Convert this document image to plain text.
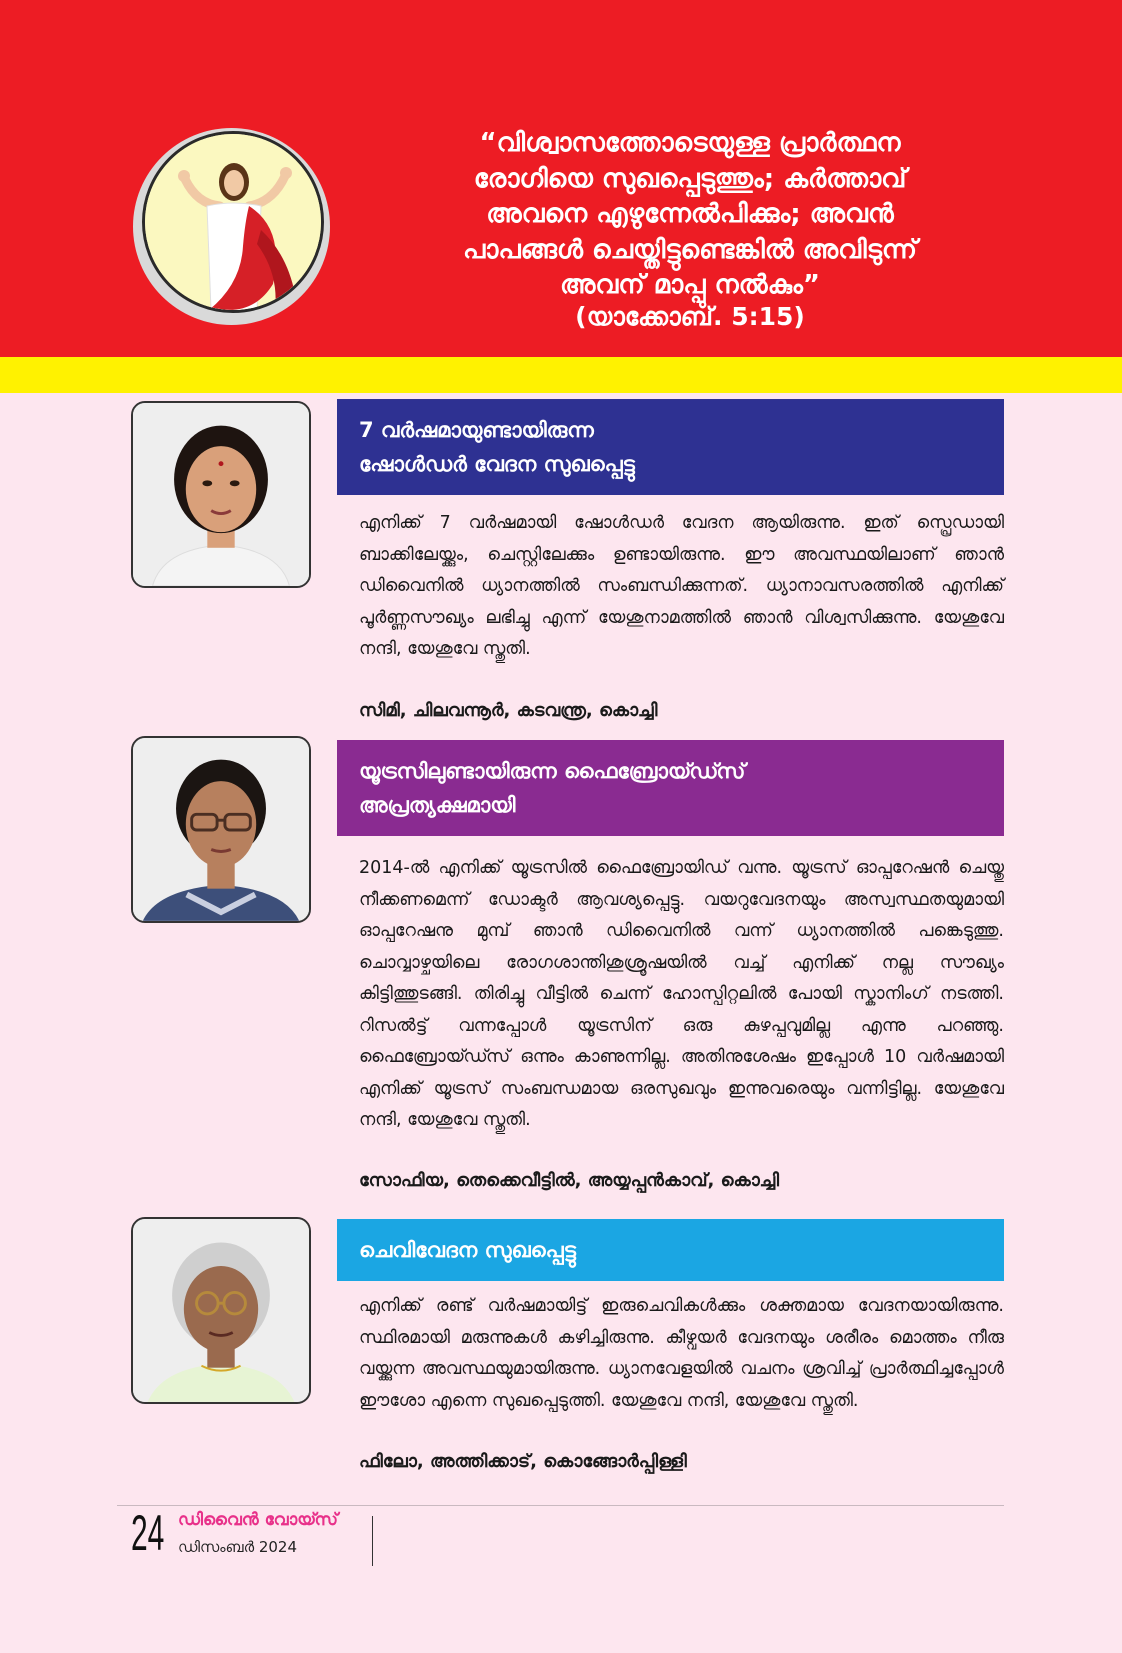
“വിശ്വാസത്തോടെയുള്ള പ്രാർത്ഥന
രോഗിയെ സുഖപ്പെടുത്തും; കർത്താവ്
അവനെ എഴുന്നേൽപിക്കും; അവൻ
പാപങ്ങൾ ചെയ്തിട്ടുണ്ടെങ്കിൽ അവിടുന്ന്
അവന് മാപ്പു നൽകും”
(യാക്കോബ്. 5:15)
7 വർഷമായുണ്ടായിരുന്ന
ഷോൾഡർ വേദന സുഖപ്പെട്ടു
എനിക്ക് 7 വർഷമായി ഷോൾഡർ വേദന ആയിരുന്നു. ഇത് സ്പ്രെഡായി ബാക്കിലേയ്ക്കും, ചെസ്റ്റിലേക്കും ഉണ്ടായിരുന്നു. ഈ അവസ്ഥയിലാണ് ഞാൻ ഡിവൈനിൽ ധ്യാനത്തിൽ സംബന്ധിക്കുന്നത്. ധ്യാനാവസരത്തിൽ എനിക്ക് പൂർണ്ണസൗഖ്യം ലഭിച്ചു എന്ന് യേശുനാമത്തിൽ ഞാൻ വിശ്വസിക്കുന്നു. യേശുവേ നന്ദി, യേശുവേ സ്തുതി.
സിമി, ചിലവന്നൂർ, കടവന്ത്ര, കൊച്ചി
യൂട്രസിലുണ്ടായിരുന്ന ഫൈബ്രോയ്ഡ്സ്
അപ്രത്യക്ഷമായി
2014-ൽ എനിക്ക് യൂട്രസിൽ ഫൈബ്രോയിഡ് വന്നു. യൂട്രസ് ഓപ്പറേഷൻ ചെയ്തു നീക്കണമെന്ന് ഡോക്ടർ ആവശ്യപ്പെട്ടു. വയറുവേദനയും അസ്വസ്ഥതയുമായി ഓപ്പറേഷനു മുമ്പ് ഞാൻ ഡിവൈനിൽ വന്ന് ധ്യാനത്തിൽ പങ്കെടുത്തു. ചൊവ്വാഴ്ചയിലെ രോഗശാന്തിശുശ്രൂഷയിൽ വച്ച് എനിക്ക് നല്ല സൗഖ്യം കിട്ടിത്തുടങ്ങി. തിരിച്ചു വീട്ടിൽ ചെന്ന് ഹോസ്പിറ്റലിൽ പോയി സ്കാനിംഗ് നടത്തി. റിസൽട്ട് വന്നപ്പോൾ യൂട്രസിന് ഒരു കുഴപ്പവുമില്ല എന്നു പറഞ്ഞു. ഫൈബ്രോയ്ഡ്സ് ഒന്നും കാണുന്നില്ല. അതിനുശേഷം ഇപ്പോൾ 10 വർഷമായി എനിക്ക് യൂട്രസ് സംബന്ധമായ ഒരസുഖവും ഇന്നുവരെയും വന്നിട്ടില്ല. യേശുവേ നന്ദി, യേശുവേ സ്തുതി.
സോഫിയ, തെക്കെവീട്ടിൽ, അയ്യപ്പൻകാവ്, കൊച്ചി
ചെവിവേദന സുഖപ്പെട്ടു
എനിക്ക് രണ്ട് വർഷമായിട്ട് ഇരുചെവികൾക്കും ശക്തമായ വേദനയായിരുന്നു. സ്ഥിരമായി മരുന്നുകൾ കഴിച്ചിരുന്നു. കീഴ്വയർ വേദനയും ശരീരം മൊത്തം നീരു വയ്ക്കുന്ന അവസ്ഥയുമായിരുന്നു. ധ്യാനവേളയിൽ വചനം ശ്രവിച്ച് പ്രാർത്ഥിച്ചപ്പോൾ ഈശോ എന്നെ സുഖപ്പെടുത്തി. യേശുവേ നന്ദി, യേശുവേ സ്തുതി.
ഫിലോ, അത്തിക്കാട്, കൊങ്ങോർപ്പിള്ളി
24 ഡിവൈൻ വോയ്സ്
ഡിസംബർ 2024
